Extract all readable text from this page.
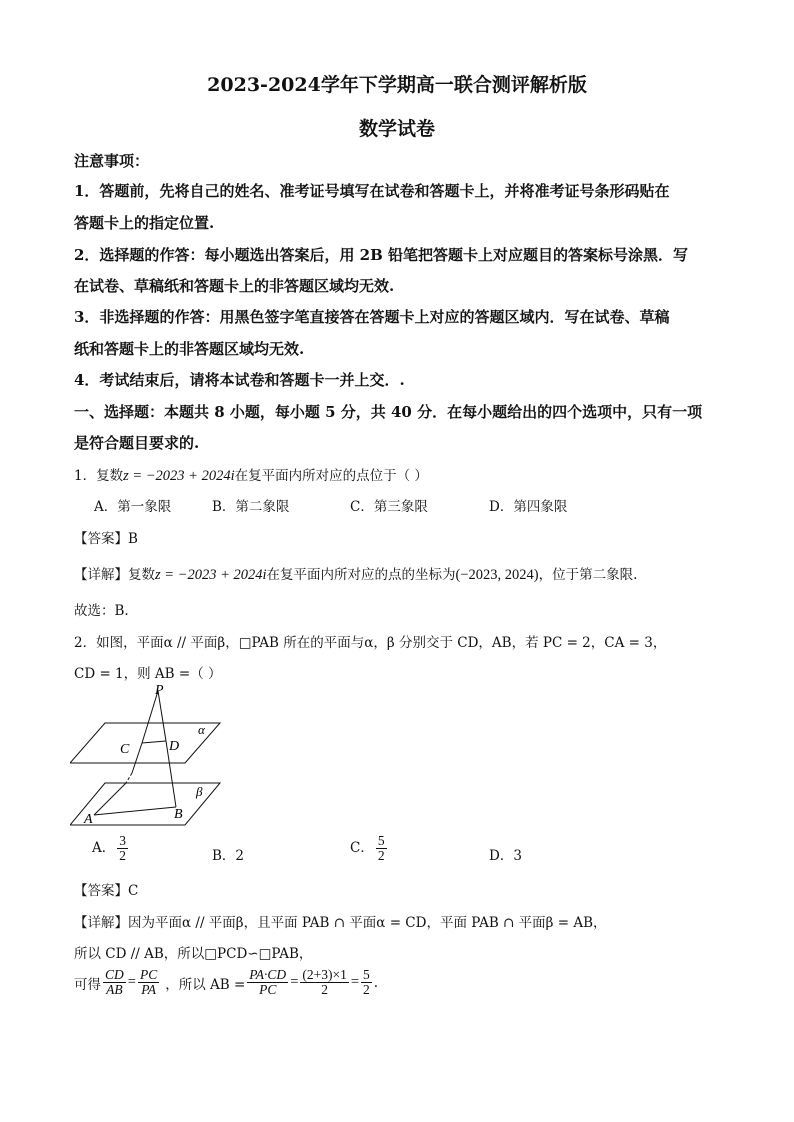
2023-2024学年下学期高一联合测评解析版
数学试卷
注意事项：
1．答题前，先将自己的姓名、准考证号填写在试卷和答题卡上，并将准考证号条形码贴在
答题卡上的指定位置.
2．选择题的作答：每小题选出答案后，用 2B 铅笔把答题卡上对应题目的答案标号涂黑．写
在试卷、草稿纸和答题卡上的非答题区域均无效.
3．非选择题的作答：用黑色签字笔直接答在答题卡上对应的答题区域内．写在试卷、草稿
纸和答题卡上的非答题区域均无效.
4．考试结束后，请将本试卷和答题卡一并上交．.
一、选择题：本题共 8 小题，每小题 5 分，共 40 分．在每小题给出的四个选项中，只有一项
是符合题目要求的.
1．复数z = −2023 + 2024i在复平面内所对应的点位于（ ）
A．第一象限	B．第二象限	C．第三象限	D．第四象限
【答案】B
【详解】复数z = −2023 + 2024i在复平面内所对应的点的坐标为(−2023, 2024)，位于第二象限.
故选：B.
2．如图，平面α // 平面β，□PAB 所在的平面与α，β 分别交于 CD，AB，若 PC = 2，CA = 3，
CD = 1，则 AB =（ ）
P
C	D
A	B
α
β
A． $\frac{3}{2}$	B．2	C． $\frac{5}{2}$	D．3
【答案】C
【详解】因为平面α // 平面β，且平面 PAB ∩ 平面α = CD，平面 PAB ∩ 平面β = AB，
所以 CD // AB，所以□PCD∽□PAB，
可得 $\frac{CD}{AB} = \frac{PC}{PA}$ ，所以 AB = $\frac{PA\cdot CD}{PC} = \frac{(2+3)\times 1}{2} = \frac{5}{2}$ .
